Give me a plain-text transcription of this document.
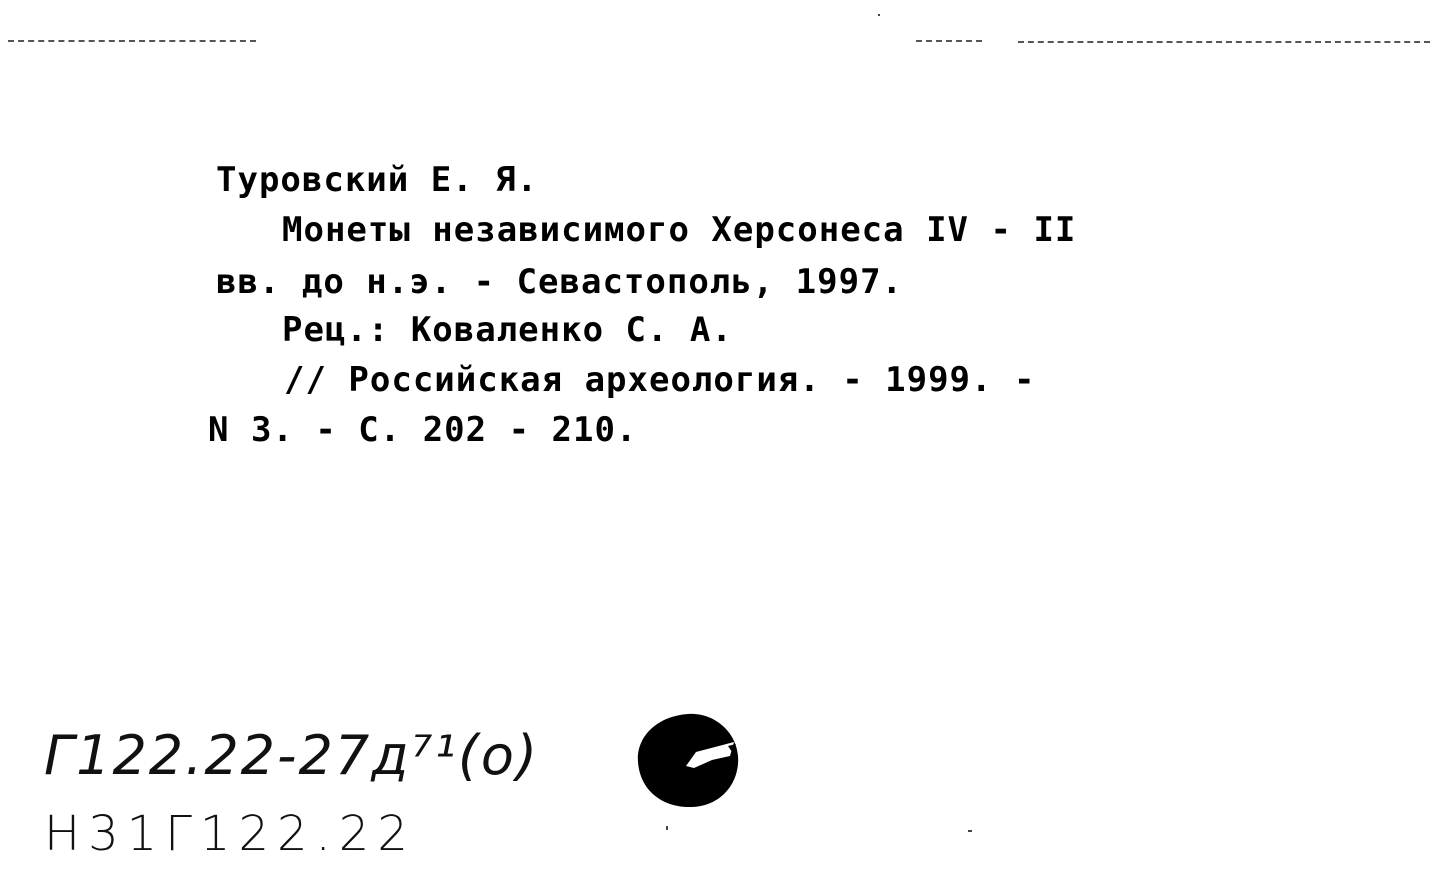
Туровский Е. Я.

Монеты независимого Херсонеса IV - II

вв. до н.э. - Севастополь, 1997.

Рец.: Коваленко С. А.

// Российская археология. - 1999. -

N 3. - С. 202 - 210.

Г122.22-27д⁷¹(о)
Н31Г122.22
